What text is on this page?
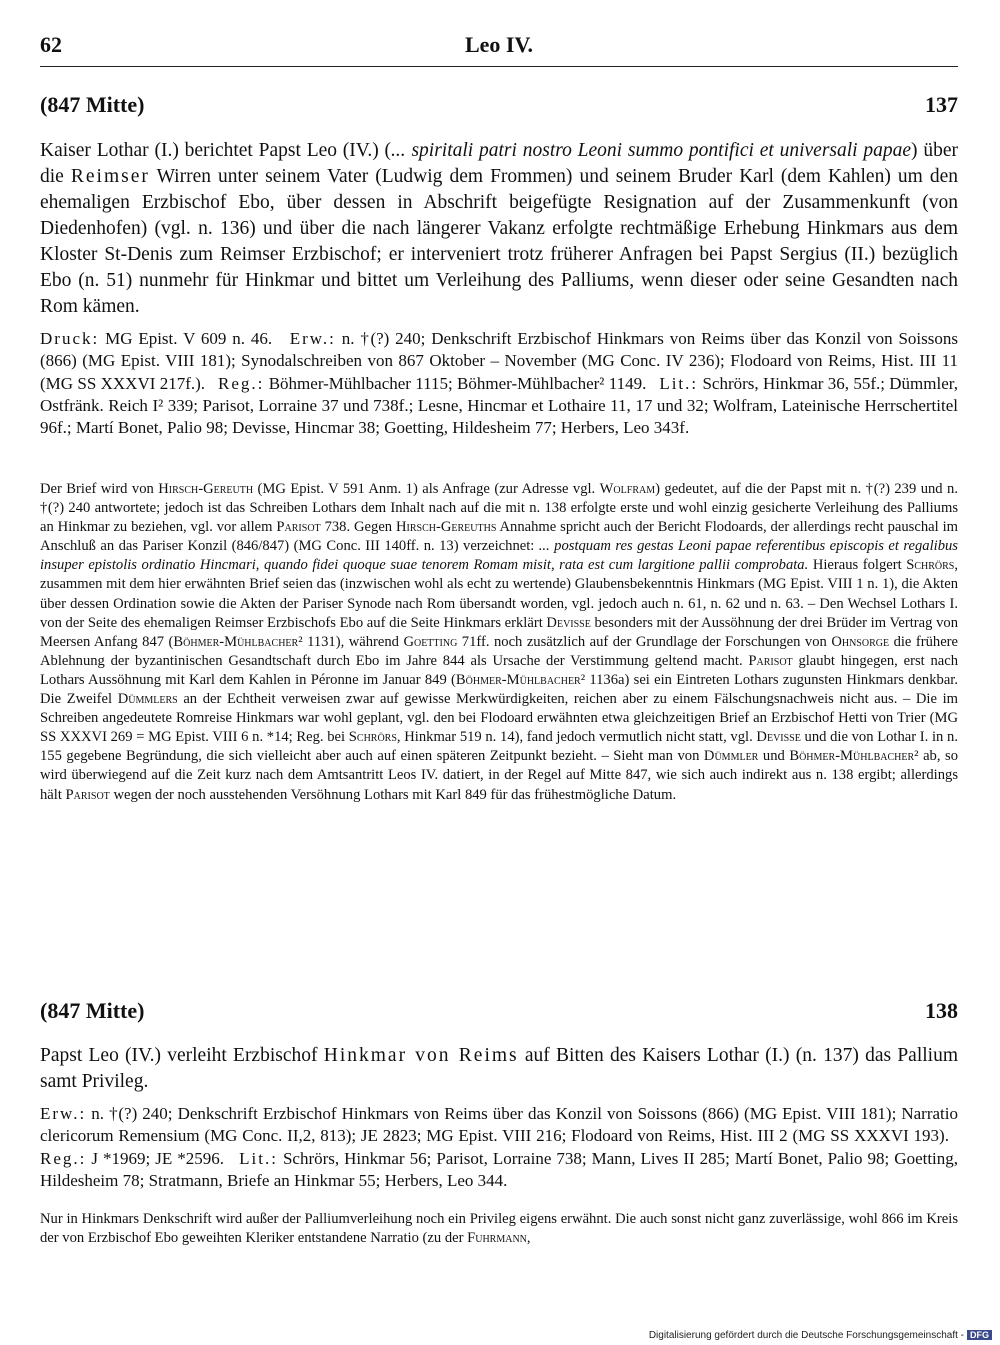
62	Leo IV.
(847 Mitte)	137
Kaiser Lothar (I.) berichtet Papst Leo (IV.) (... spiritali patri nostro Leoni summo pontifici et universali papae) über die Reimser Wirren unter seinem Vater (Ludwig dem Frommen) und seinem Bruder Karl (dem Kahlen) um den ehemaligen Erzbischof Ebo, über dessen in Abschrift beigefügte Resignation auf der Zusammenkunft (von Diedenhofen) (vgl. n. 136) und über die nach längerer Vakanz erfolgte rechtmäßige Erhebung Hinkmars aus dem Kloster St-Denis zum Reimser Erzbischof; er interveniert trotz früherer Anfragen bei Papst Sergius (II.) bezüglich Ebo (n. 51) nunmehr für Hinkmar und bittet um Verleihung des Palliums, wenn dieser oder seine Gesandten nach Rom kämen.
Druck: MG Epist. V 609 n. 46. Erw.: n. †(?) 240; Denkschrift Erzbischof Hinkmars von Reims über das Konzil von Soissons (866) (MG Epist. VIII 181); Synodalschreiben von 867 Oktober – November (MG Conc. IV 236); Flodoard von Reims, Hist. III 11 (MG SS XXXVI 217f.). Reg.: Böhmer-Mühlbacher 1115; Böhmer-Mühlbacher² 1149. Lit.: Schrörs, Hinkmar 36, 55f.; Dümmler, Ostfränk. Reich I² 339; Parisot, Lorraine 37 und 738f.; Lesne, Hincmar et Lothaire 11, 17 und 32; Wolfram, Lateinische Herrschertitel 96f.; Martí Bonet, Palio 98; Devisse, Hincmar 38; Goetting, Hildesheim 77; Herbers, Leo 343f.
Der Brief wird von Hirsch-Gereuth (MG Epist. V 591 Anm. 1) als Anfrage (zur Adresse vgl. Wolfram) gedeutet, auf die der Papst mit n. †(?) 239 und n. †(?) 240 antwortete; jedoch ist das Schreiben Lothars dem Inhalt nach auf die mit n. 138 erfolgte erste und wohl einzig gesicherte Verleihung des Palliums an Hinkmar zu beziehen, vgl. vor allem Parisot 738. Gegen Hirsch-Gereuths Annahme spricht auch der Bericht Flodoards, der allerdings recht pauschal im Anschluß an das Pariser Konzil (846/847) (MG Conc. III 140ff. n. 13) verzeichnet: ... postquam res gestas Leoni papae referentibus episcopis et regalibus insuper epistolis ordinatio Hincmari, quando fidei quoque suae tenorem Romam misit, rata est cum largitione pallii comprobata. Hieraus folgert Schrörs, zusammen mit dem hier erwähnten Brief seien das (inzwischen wohl als echt zu wertende) Glaubensbekenntnis Hinkmars (MG Epist. VIII 1 n. 1), die Akten über dessen Ordination sowie die Akten der Pariser Synode nach Rom übersandt worden, vgl. jedoch auch n. 61, n. 62 und n. 63. – Den Wechsel Lothars I. von der Seite des ehemaligen Reimser Erzbischofs Ebo auf die Seite Hinkmars erklärt Devisse besonders mit der Aussöhnung der drei Brüder im Vertrag von Meersen Anfang 847 (Böhmer-Mühlbacher² 1131), während Goetting 71ff. noch zusätzlich auf der Grundlage der Forschungen von Ohnsorge die frühere Ablehnung der byzantinischen Gesandtschaft durch Ebo im Jahre 844 als Ursache der Verstimmung geltend macht. Parisot glaubt hingegen, erst nach Lothars Aussöhnung mit Karl dem Kahlen in Péronne im Januar 849 (Böhmer-Mühlbacher² 1136a) sei ein Eintreten Lothars zugunsten Hinkmars denkbar. Die Zweifel Dümmlers an der Echtheit verweisen zwar auf gewisse Merkwürdigkeiten, reichen aber zu einem Fälschungsnachweis nicht aus. – Die im Schreiben angedeutete Romreise Hinkmars war wohl geplant, vgl. den bei Flodoard erwähnten etwa gleichzeitigen Brief an Erzbischof Hetti von Trier (MG SS XXXVI 269 = MG Epist. VIII 6 n. *14; Reg. bei Schrörs, Hinkmar 519 n. 14), fand jedoch vermutlich nicht statt, vgl. Devisse und die von Lothar I. in n. 155 gegebene Begründung, die sich vielleicht aber auch auf einen späteren Zeitpunkt bezieht. – Sieht man von Dümmler und Böhmer-Mühlbacher² ab, so wird überwiegend auf die Zeit kurz nach dem Amtsantritt Leos IV. datiert, in der Regel auf Mitte 847, wie sich auch indirekt aus n. 138 ergibt; allerdings hält Parisot wegen der noch ausstehenden Versöhnung Lothars mit Karl 849 für das frühestmögliche Datum.
(847 Mitte)	138
Papst Leo (IV.) verleiht Erzbischof Hinkmar von Reims auf Bitten des Kaisers Lothar (I.) (n. 137) das Pallium samt Privileg.
Erw.: n. †(?) 240; Denkschrift Erzbischof Hinkmars von Reims über das Konzil von Soissons (866) (MG Epist. VIII 181); Narratio clericorum Remensium (MG Conc. II,2, 813); JE 2823; MG Epist. VIII 216; Flodoard von Reims, Hist. III 2 (MG SS XXXVI 193).   Reg.: J *1969; JE *2596. Lit.: Schrörs, Hinkmar 56; Parisot, Lorraine 738; Mann, Lives II 285; Martí Bonet, Palio 98; Goetting, Hildesheim 78; Stratmann, Briefe an Hinkmar 55; Herbers, Leo 344.
Nur in Hinkmars Denkschrift wird außer der Palliumverleihung noch ein Privileg eigens erwähnt. Die auch sonst nicht ganz zuverlässige, wohl 866 im Kreis der von Erzbischof Ebo geweihten Kleriker entstandene Narratio (zu der Fuhrmann,
Digitalisierung gefördert durch die Deutsche Forschungsgemeinschaft - DFG
